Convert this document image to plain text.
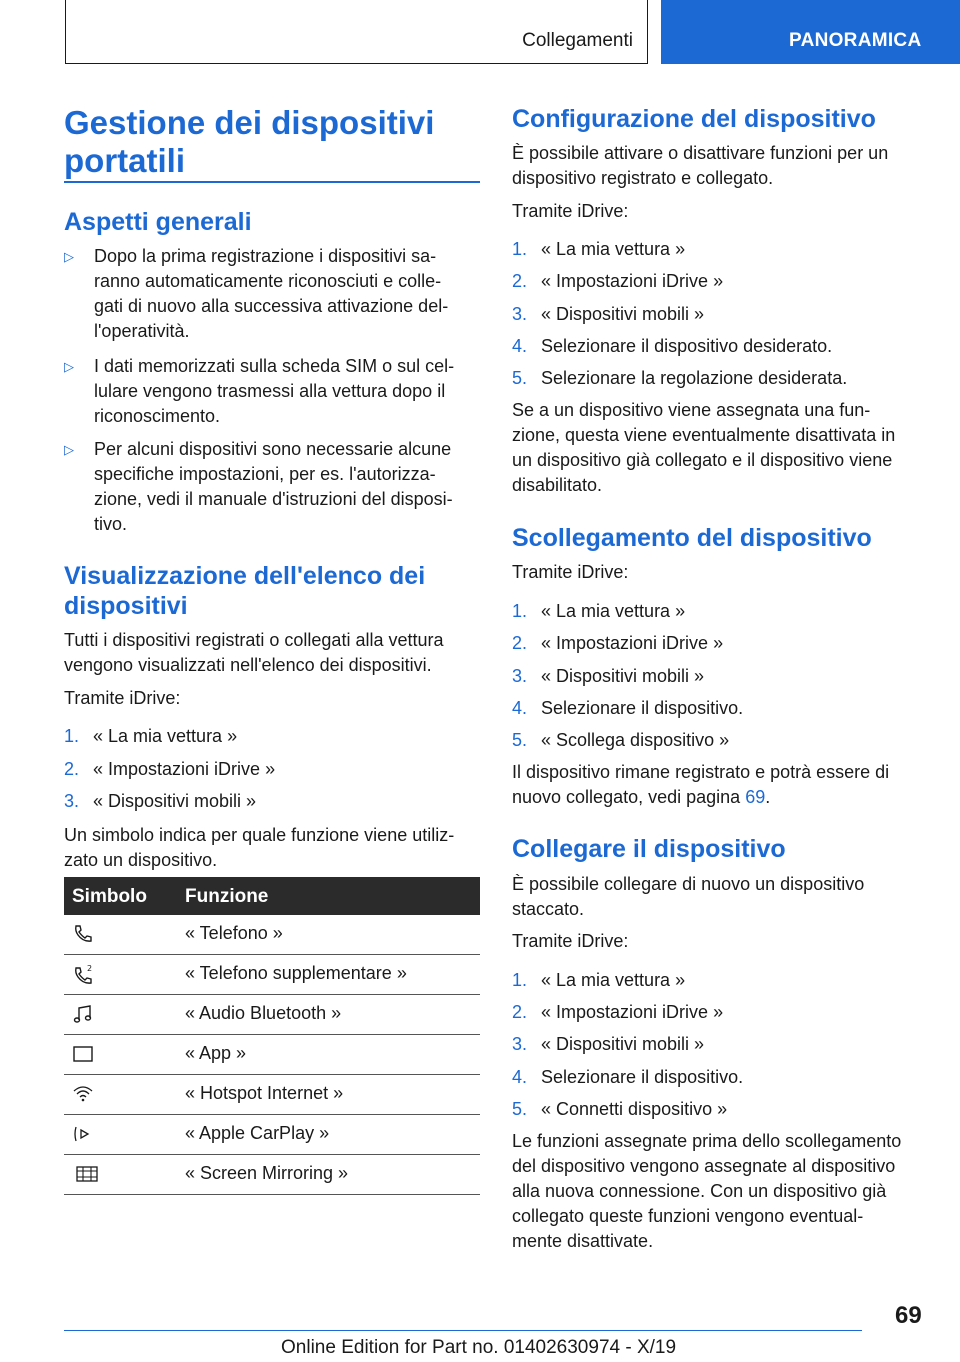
Collegamenti	PANORAMICA
Gestione dei dispositivi
portatili
Aspetti generali
▷ Dopo la prima registrazione i dispositivi sa-
ranno automaticamente riconosciuti e colle-
gati di nuovo alla successiva attivazione del-
l'operatività.
▷ I dati memorizzati sulla scheda SIM o sul cel-
lulare vengono trasmessi alla vettura dopo il
riconoscimento.
▷ Per alcuni dispositivi sono necessarie alcune
specifiche impostazioni, per es. l'autorizza-
zione, vedi il manuale d'istruzioni del disposi-
tivo.
Visualizzazione dell'elenco dei
dispositivi
Tutti i dispositivi registrati o collegati alla vettura
vengono visualizzati nell'elenco dei dispositivi.
Tramite iDrive:
1. « La mia vettura »
2. « Impostazioni iDrive »
3. « Dispositivi mobili »
Un simbolo indica per quale funzione viene utiliz-
zato un dispositivo.
Simbolo Funzione
« Telefono »
2	« Telefono supplementare »
« Audio Bluetooth »
« App »
« Hotspot Internet »
« Apple CarPlay »
« Screen Mirroring »
Configurazione del dispositivo
È possibile attivare o disattivare funzioni per un
dispositivo registrato e collegato.
Tramite iDrive:
1. « La mia vettura »
2. « Impostazioni iDrive »
3. « Dispositivi mobili »
4. Selezionare il dispositivo desiderato.
5. Selezionare la regolazione desiderata.
Se a un dispositivo viene assegnata una fun-
zione, questa viene eventualmente disattivata in
un dispositivo già collegato e il dispositivo viene
disabilitato.
Scollegamento del dispositivo
Tramite iDrive:
1. « La mia vettura »
2. « Impostazioni iDrive »
3. « Dispositivi mobili »
4. Selezionare il dispositivo.
5. « Scollega dispositivo »
Il dispositivo rimane registrato e potrà essere di
nuovo collegato, vedi pagina 69.
Collegare il dispositivo
È possibile collegare di nuovo un dispositivo
staccato.
Tramite iDrive:
1. « La mia vettura »
2. « Impostazioni iDrive »
3. « Dispositivi mobili »
4. Selezionare il dispositivo.
5. « Connetti dispositivo »
Le funzioni assegnate prima dello scollegamento
del dispositivo vengono assegnate al dispositivo
alla nuova connessione. Con un dispositivo già
collegato queste funzioni vengono eventual-
mente disattivate.
69
Online Edition for Part no. 01402630974 - X/19
